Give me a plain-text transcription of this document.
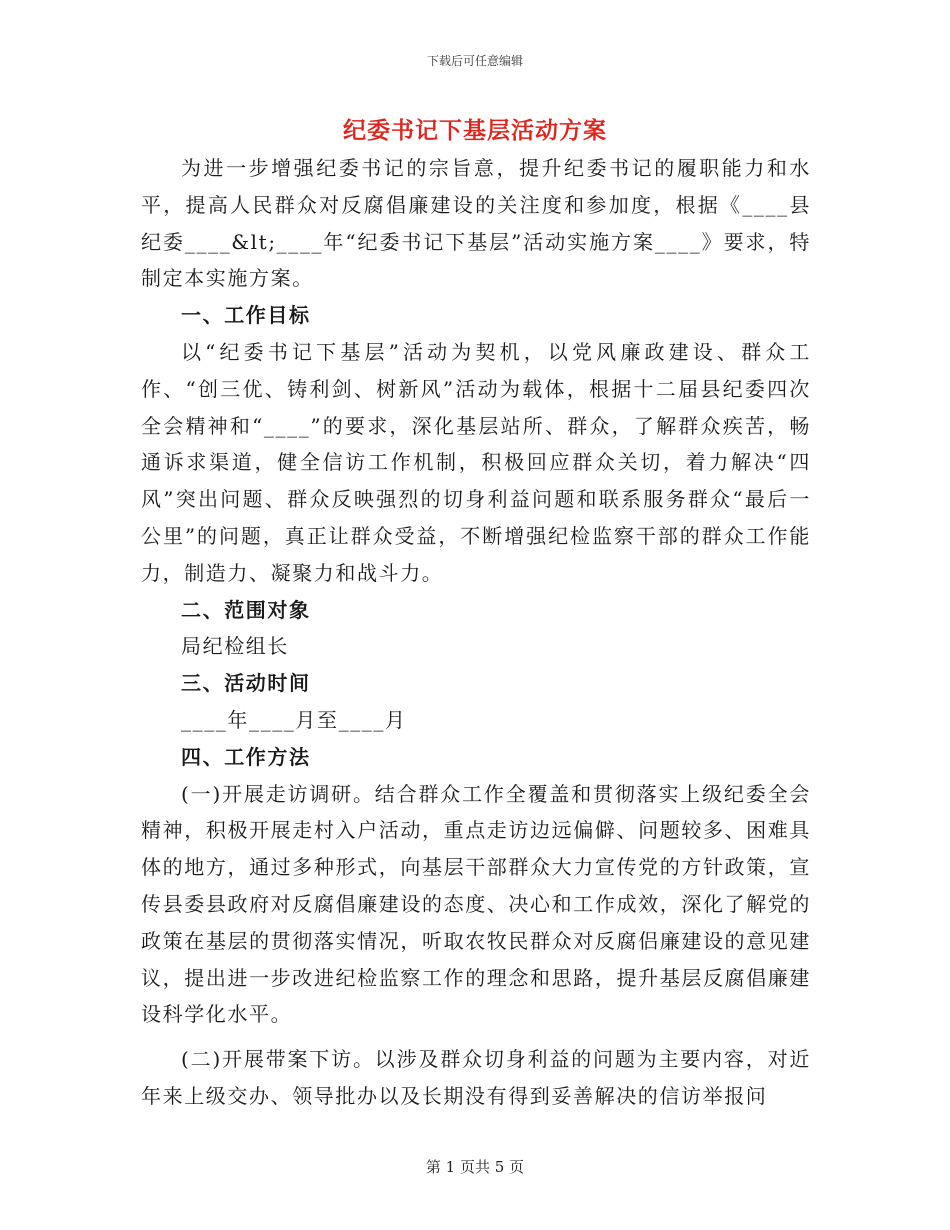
下载后可任意编辑
纪委书记下基层活动方案

为进一步增强纪委书记的宗旨意，提升纪委书记的履职能力和水平，提高人民群众对反腐倡廉建设的关注度和参加度，根据《____县纪委____&lt;____年“纪委书记下基层”活动实施方案____》要求，特制定本实施方案。

一、工作目标

以“纪委书记下基层”活动为契机，以党风廉政建设、群众工作、“创三优、铸利剑、树新风”活动为载体，根据十二届县纪委四次全会精神和“____”的要求，深化基层站所、群众，了解群众疾苦，畅通诉求渠道，健全信访工作机制，积极回应群众关切，着力解决“四风”突出问题、群众反映强烈的切身利益问题和联系服务群众“最后一公里”的问题，真正让群众受益，不断增强纪检监察干部的群众工作能力，制造力、凝聚力和战斗力。

二、范围对象

局纪检组长

三、活动时间

____年____月至____月

四、工作方法

(一)开展走访调研。结合群众工作全覆盖和贯彻落实上级纪委全会精神，积极开展走村入户活动，重点走访边远偏僻、问题较多、困难具体的地方，通过多种形式，向基层干部群众大力宣传党的方针政策，宣传县委县政府对反腐倡廉建设的态度、决心和工作成效，深化了解党的政策在基层的贯彻落实情况，听取农牧民群众对反腐侣廉建设的意见建议，提出进一步改进纪检监察工作的理念和思路，提升基层反腐倡廉建设科学化水平。

(二)开展带案下访。以涉及群众切身利益的问题为主要内容，对近年来上级交办、领导批办以及长期没有得到妥善解决的信访举报问

第 1 页共 5 页
